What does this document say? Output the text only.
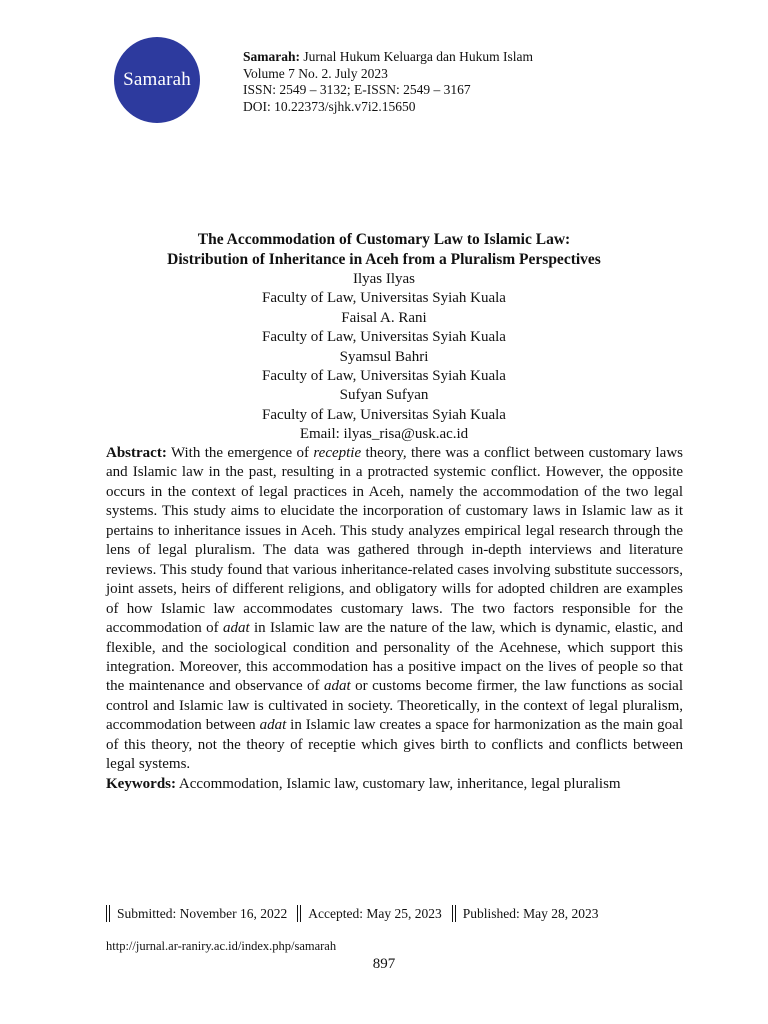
Samarah
Samarah: Jurnal Hukum Keluarga dan Hukum Islam
Volume 7 No. 2. July 2023
ISSN: 2549 – 3132; E-ISSN: 2549 – 3167
DOI: 10.22373/sjhk.v7i2.15650
The Accommodation of Customary Law to Islamic Law:
Distribution of Inheritance in Aceh from a Pluralism Perspectives
Ilyas Ilyas
Faculty of Law, Universitas Syiah Kuala
Faisal A. Rani
Faculty of Law, Universitas Syiah Kuala
Syamsul Bahri
Faculty of Law, Universitas Syiah Kuala
Sufyan Sufyan
Faculty of Law, Universitas Syiah Kuala
Email: ilyas_risa@usk.ac.id

Abstract: With the emergence of receptie theory, there was a conflict between customary laws and Islamic law in the past, resulting in a protracted systemic conflict. However, the opposite occurs in the context of legal practices in Aceh, namely the accommodation of the two legal systems. This study aims to elucidate the incorporation of customary laws in Islamic law as it pertains to inheritance issues in Aceh. This study analyzes empirical legal research through the lens of legal pluralism. The data was gathered through in-depth interviews and literature reviews. This study found that various inheritance-related cases involving substitute successors, joint assets, heirs of different religions, and obligatory wills for adopted children are examples of how Islamic law accommodates customary laws. The two factors responsible for the accommodation of adat in Islamic law are the nature of the law, which is dynamic, elastic, and flexible, and the sociological condition and personality of the Acehnese, which support this integration. Moreover, this accommodation has a positive impact on the lives of people so that the maintenance and observance of adat or customs become firmer, the law functions as social control and Islamic law is cultivated in society. Theoretically, in the context of legal pluralism, accommodation between adat in Islamic law creates a space for harmonization as the main goal of this theory, not the theory of receptie which gives birth to conflicts and conflicts between legal systems.

Keywords: Accommodation, Islamic law, customary law, inheritance, legal pluralism

Submitted: November 16, 2022 Accepted: May 25, 2023 Published: May 28, 2023
http://jurnal.ar-raniry.ac.id/index.php/samarah
897
